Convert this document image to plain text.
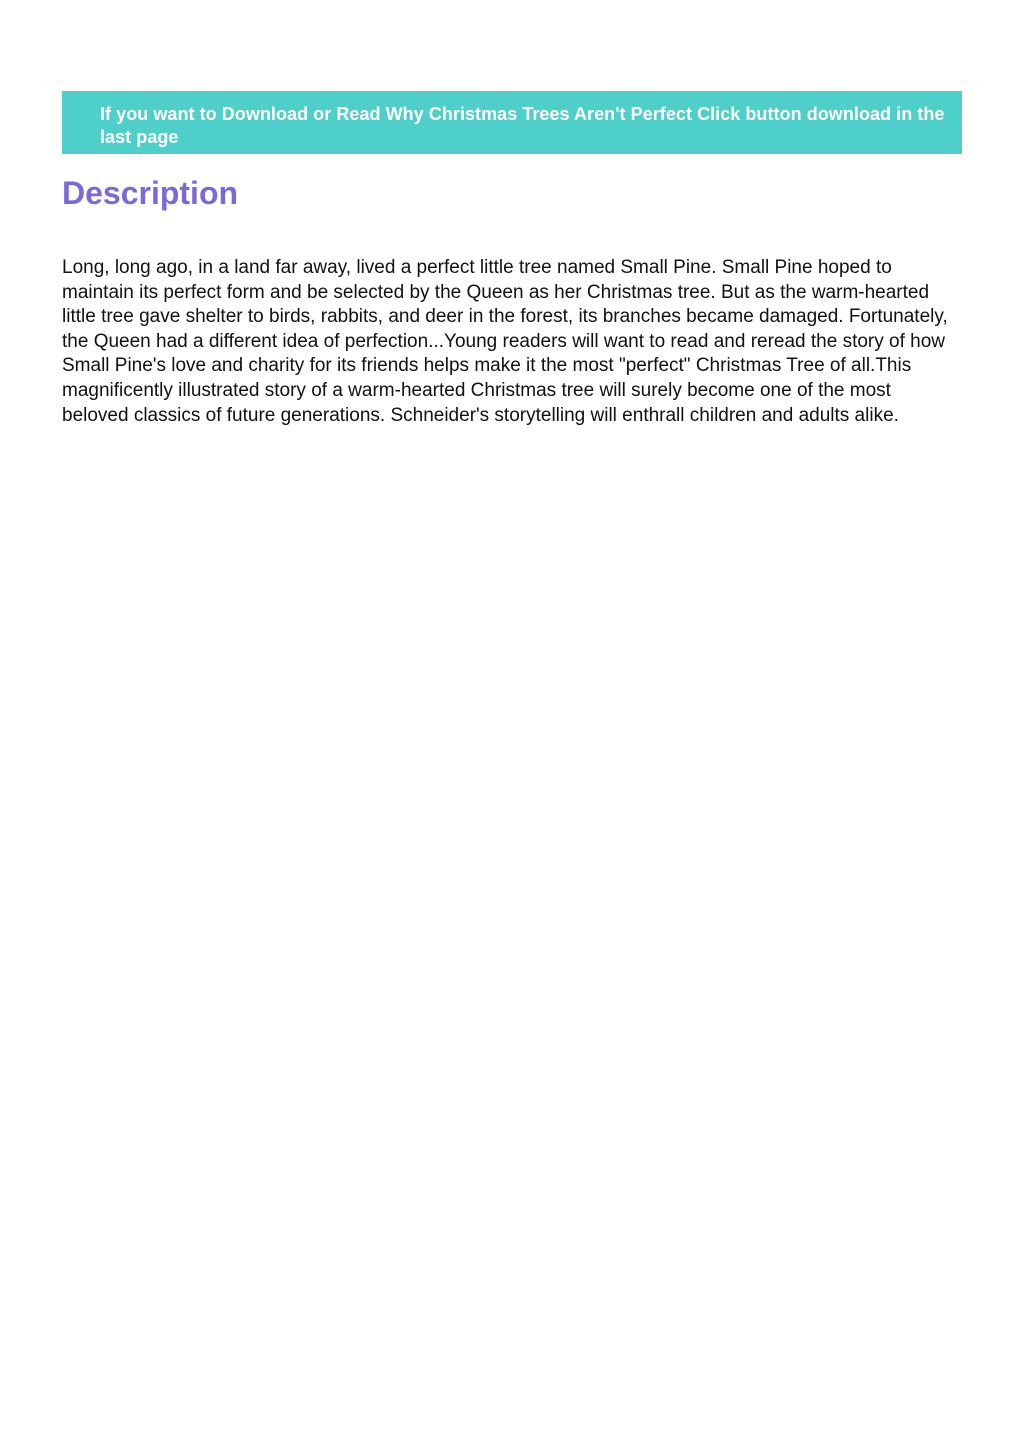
If you want to Download or Read Why Christmas Trees Aren't Perfect Click button download in the last page

Description

Long, long ago, in a land far away, lived a perfect little tree named Small Pine. Small Pine hoped to maintain its perfect form and be selected by the Queen as her Christmas tree. But as the warm-hearted little tree gave shelter to birds, rabbits, and deer in the forest, its branches became damaged. Fortunately, the Queen had a different idea of perfection...Young readers will want to read and reread the story of how Small Pine's love and charity for its friends helps make it the most "perfect" Christmas Tree of all.This magnificently illustrated story of a warm-hearted Christmas tree will surely become one of the most beloved classics of future generations. Schneider's storytelling will enthrall children and adults alike.
